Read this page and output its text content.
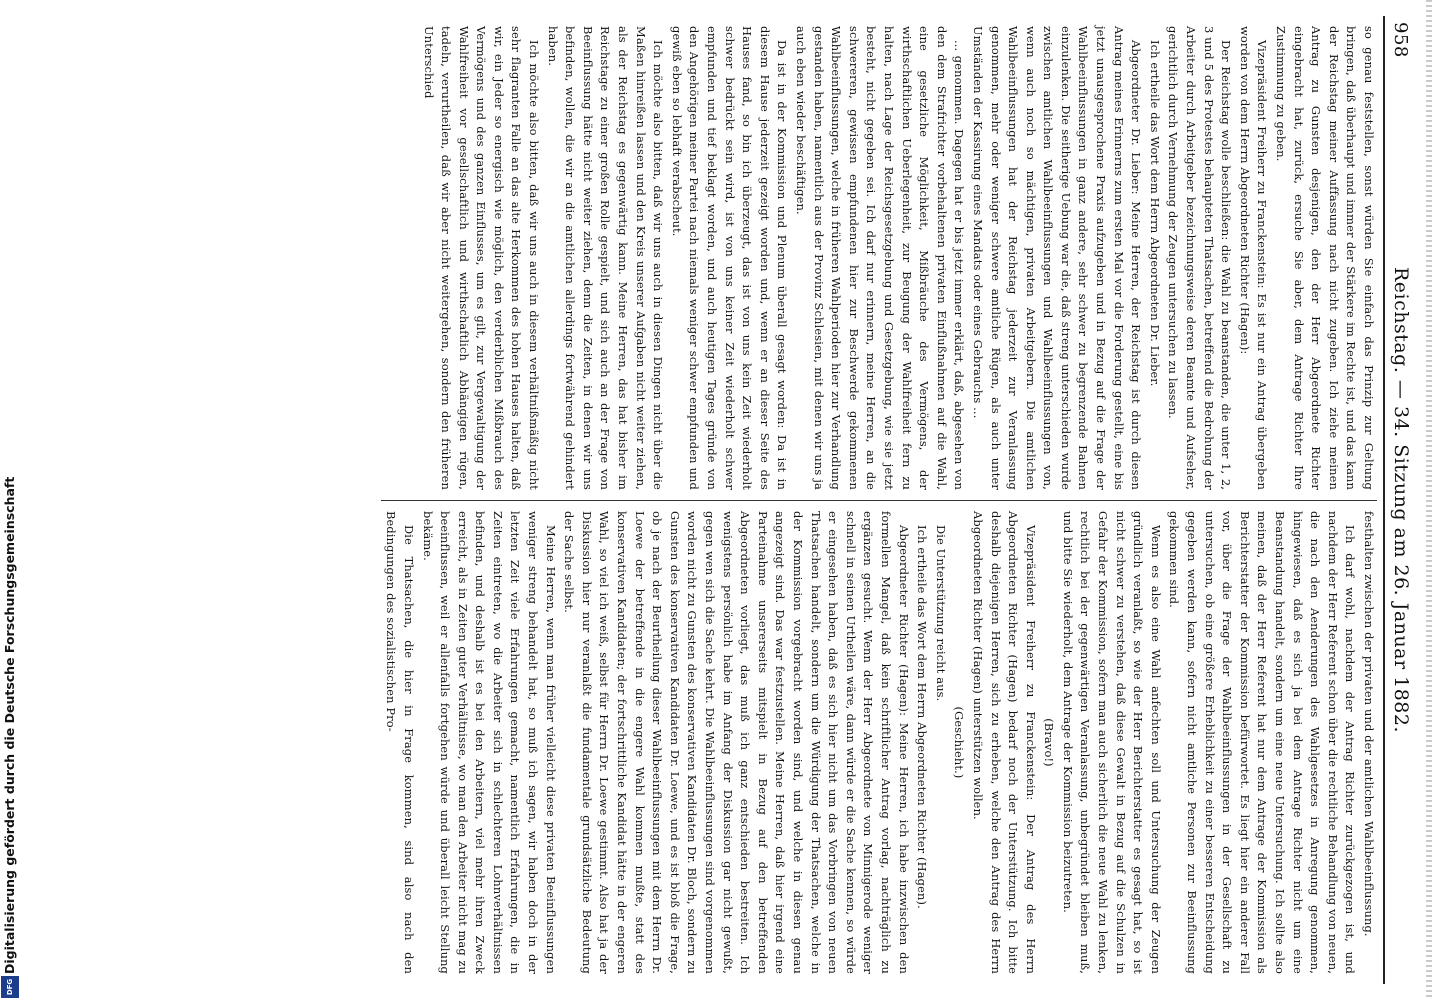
958
Reichstag. — 34. Sitzung am 26. Januar 1882.

so genau feststellen, sonst würden Sie einfach das Prinzip zur Geltung bringen, daß überhaupt und immer der Stärkere im Rechte ist, und das kann der Reichstag meiner Auffassung nach nicht zugeben. Ich ziehe meinen Antrag zu Gunsten desjenigen, den der Herr Abgeordnete Richter eingebracht hat, zurück, ersuche Sie aber, dem Antrage Richter Ihre Zustimmung zu geben.

Vizepräsident Freiherr zu Franckenstein: Es ist nur ein Antrag übergeben worden von dem Herrn Abgeordneten Richter (Hagen):

Der Reichstag wolle beschließen: die Wahl zu beanstanden, die unter 1, 2, 3 und 5 des Protestes behaupteten Thatsachen, betreffend die Bedrohung der Arbeiter durch Arbeitgeber bezeichnungsweise deren Beamte und Aufseher, gerichtlich durch Vernehmung der Zeugen untersuchen zu lassen.

Ich ertheile das Wort dem Herrn Abgeordneten Dr. Lieber.

Abgeordneter Dr. Lieber: Meine Herren, der Reichstag ist durch diesen Antrag meines Erinnerns zum ersten Mal vor die Forderung gestellt, eine bis jetzt unausgesprochene Praxis aufzugeben und in Bezug auf die Frage der Wahlbeeinflussungen in ganz andere, sehr schwer zu begrenzende Bahnen einzulenken. Die seitherige Uebung war die, daß streng unterschieden wurde zwischen amtlichen Wahlbeeinflussungen und Wahlbeeinflussungen von, wenn auch noch so mächtigen, privaten Arbeitgebern. Die amtlichen Wahlbeeinflussungen hat der Reichstag jederzeit zur Veranlassung genommen, mehr oder weniger schwere amtliche Rügen, als auch unter Umständen der Kassirung eines Mandats oder eines Gebrauchs ...

... genommen. Dagegen hat er bis jetzt immer erklärt, daß, abgesehen von den dem Strafrichter vorbehaltenen privaten Einflußnahmen auf die Wahl, eine gesetzliche Möglichkeit, Mißbräuche des Vermögens, der wirthschaftlichen Ueberlegenheit, zur Beugung der Wahlfreiheit fern zu halten, nach Lage der Reichsgesetzgebung und Gesetzgebung, wie sie jetzt besteht, nicht gegeben sei. Ich darf nur erinnern, meine Herren, an die schwereren, gewissen empfundenen hier zur Beschwerde gekommenen Wahlbeeinflussungen, welche in früheren Wahlperioden hier zur Verhandlung gestanden haben, namentlich aus der Provinz Schlesien, mit denen wir uns ja auch eben wieder beschäftigen.

Da ist in der Kommission und Plenum überall gesagt worden: Da ist in diesem Hause jederzeit gezeigt worden und, wenn er an dieser Seite des Hauses fand, so bin ich überzeugt, das ist von uns kein Zeit wiederholt schwer bedrückt sein wird, ist von uns keiner Zeit wiederholt schwer empfunden und tief beklagt worden, und auch heutigen Tages gründe von den Angehörigen meiner Partei nach niemals weniger schwer empfunden und gewiß eben so lebhaft verabscheut.

Ich möchte also bitten, daß wir uns auch in diesen Dingen nicht über die Maßen hinreißen lassen und den Kreis unserer Aufgaben nicht weiter ziehen, als der Reichstag es gegenwärtig kann. Meine Herren, das hat bisher im Reichstage zu einer großen Rolle gespielt, und sich auch an der Frage von Beeinflussung hätte nicht weiter ziehen, denn die Zeiten, in denen wir uns befinden, wollen, die wir an die amtlichen allerdings fortwährend gehindert haben.

Ich möchte also bitten, daß wir uns auch in diesem verhältnißmäßig nicht sehr flagranten Falle an das alte Herkommen des hohen Hauses halten, daß wir, ein Jeder so energisch wie möglich, den verderblichen Mißbrauch des Vermögens und des ganzen Einflusses, um es gilt, zur Vergewaltigung der Wahlfreiheit vor gesellschaftlich und wirthschaftlich Abhängigen rügen, tadeln, verurtheilen, daß wir aber nicht weitergehen, sondern den früheren Unterschied

festhalten zwischen der privaten und der amtlichen Wahlbeeinflussung.

Ich darf wohl, nachdem der Antrag Richter zurückgezogen ist, und nachdem der Herr Referent schon über die rechtliche Behandlung von neuen, die nach den Aenderungen des Wahlgesetzes in Anregung genommen, hingewiesen, daß es sich ja bei dem Antrage Richter nicht um eine Beanstandung handelt, sondern um eine neue Untersuchung. Ich sollte also meinen, daß der Herr Referent hat nur dem Antrage der Kommission als Berichterstatter der Kommission befürwortet. Es liegt hier ein anderer Fall vor, über die Frage der Wahlbeeinflussungen in der Gesellschaft zu untersuchen, ob eine größere Erheblichkeit zu einer besseren Entscheidung gegeben werden kann, sofern nicht amtliche Personen zur Beeinflussung gekommen sind.

Wenn es also eine Wahl anfechten soll und Untersuchung der Zeugen gründlich veranlaßt, so wie der Herr Berichterstatter es gesagt hat, so ist nicht schwer zu verstehen, daß diese Gewalt in Bezug auf die Schulzen in Gefahr der Kommission, sofern man auch sicherlich die neue Wahl zu lenken, rechtlich bei der gegenwärtigen Veranlassung, unbegründet bleiben muß, und bitte Sie wiederholt, dem Antrage der Kommission beizutreten.

(Bravo!)

Vizepräsident Freiherr zu Franckenstein: Der Antrag des Herrn Abgeordneten Richter (Hagen) bedarf noch der Unterstützung. Ich bitte deshalb diejenigen Herren, sich zu erheben, welche den Antrag des Herrn Abgeordneten Richter (Hagen) unterstützen wollen.

(Geschieht.)

Die Unterstützung reicht aus.

Ich ertheile das Wort dem Herrn Abgeordneten Richter (Hagen).

Abgeordneter Richter (Hagen): Meine Herren, ich habe inzwischen den formellen Mangel, daß kein schriftlicher Antrag vorlag, nachträglich zu ergänzen gesucht. Wenn der Herr Abgeordnete von Minnigerode weniger schnell in seinen Urtheilen wäre, dann würde er die Sache kennen, so würde er eingesehen haben, daß es sich hier nicht um das Vorbringen von neuen Thatsachen handelt, sondern um die Würdigung der Thatsachen, welche in der Kommission vorgebracht worden sind, und welche in diesen genau angezeigt sind. Das war festzustellen. Meine Herren, daß hier irgend eine Parteinahme unsererseits mitspielt in Bezug auf den betreffenden Abgeordneten vorliegt, das muß ich ganz entschieden bestreiten. Ich wenigstens persönlich habe im Anfang der Diskussion gar nicht gewußt, gegen wen sich die Sache kehrt. Die Wahlbeeinflussungen sind vorgenommen worden nicht zu Gunsten des konservativen Kandidaten Dr. Bloch, sondern zu Gunsten des konservativen Kandidaten Dr. Loewe, und es ist bloß die Frage, ob je nach der Beurtheilung dieser Wahlbeeinflussungen mit dem Herrn Dr. Loewe der betreffende in die engere Wahl kommen mußte, statt des konservativen Kandidaten; der fortschrittliche Kandidat hätte in der engeren Wahl, so viel ich weiß, selbst für Herrn Dr. Loewe gestimmt. Also hat ja der Diskussion hier nur veranlaßt die fundamentale grundsätzliche Bedeutung der Sache selbst.

Meine Herren, wenn man früher vielleicht diese privaten Beeinflussungen weniger streng behandelt hat, so muß ich sagen, wir haben doch in der letzten Zeit viele Erfahrungen gemacht, namentlich Erfahrungen, die in Zeiten eintreten, wo die Arbeiter sich in schlechteren Lohnverhältnissen befinden, und deshalb ist es bei den Arbeitern, viel mehr ihren Zweck erreicht, als in Zeiten guter Verhältnisse, wo man den Arbeiter nicht mag zu beeinflussen, weil er allenfalls fortgehen würde und überall leicht Stellung bekäme.

Die Thatsachen, die hier in Frage kommen, sind also nach den Bedingungen des sozialistischen Pro-

Digitalisierung gefördert durch die Deutsche Forschungsgemeinschaft
DFG
